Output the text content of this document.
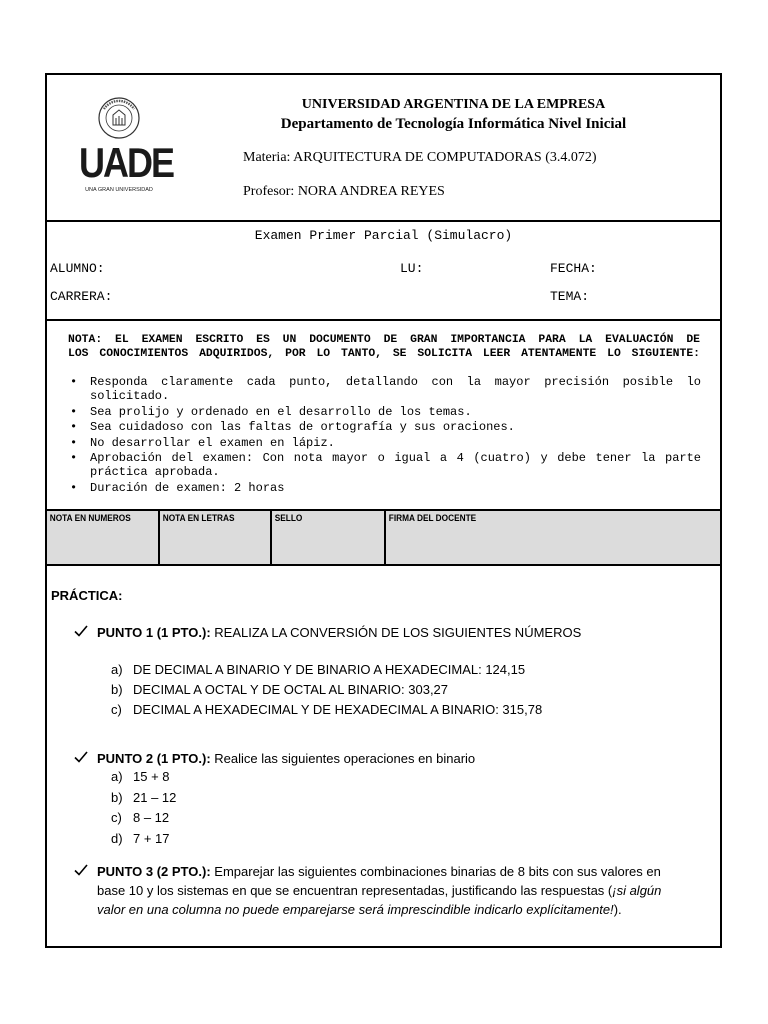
UADE
UNA GRAN UNIVERSIDAD
UNIVERSIDAD ARGENTINA DE LA EMPRESA
Departamento de Tecnología Informática Nivel Inicial
Materia: ARQUITECTURA DE COMPUTADORAS (3.4.072)
Profesor: NORA ANDREA REYES
Examen Primer Parcial (Simulacro)
ALUMNO:	LU:	FECHA:
CARRERA:	TEMA:
NOTA: EL EXAMEN ESCRITO ES UN DOCUMENTO DE GRAN IMPORTANCIA PARA LA EVALUACIÓN DE
LOS CONOCIMIENTOS ADQUIRIDOS, POR LO TANTO, SE SOLICITA LEER ATENTAMENTE LO SIGUIENTE:
• Responda claramente cada punto, detallando con la mayor precisión posible lo solicitado.
• Sea prolijo y ordenado en el desarrollo de los temas.
• Sea cuidadoso con las faltas de ortografía y sus oraciones.
• No desarrollar el examen en lápiz.
• Aprobación del examen: Con nota mayor o igual a 4 (cuatro) y debe tener la parte práctica aprobada.
• Duración de examen: 2 horas
NOTA EN NUMEROS	NOTA EN LETRAS	SELLO	FIRMA DEL DOCENTE
PRÁCTICA:
PUNTO 1 (1 PTO.): REALIZA LA CONVERSIÓN DE LOS SIGUIENTES NÚMEROS
a) DE DECIMAL A BINARIO Y DE BINARIO A HEXADECIMAL: 124,15
b) DECIMAL A OCTAL Y DE OCTAL AL BINARIO: 303,27
c) DECIMAL A HEXADECIMAL Y DE HEXADECIMAL A BINARIO: 315,78
PUNTO 2 (1 PTO.): Realice las siguientes operaciones en binario
a) 15 + 8
b) 21 – 12
c) 8 – 12
d) 7 + 17
PUNTO 3 (2 PTO.): Emparejar las siguientes combinaciones binarias de 8 bits con sus valores en
base 10 y los sistemas en que se encuentran representadas, justificando las respuestas (¡si algún
valor en una columna no puede emparejarse será imprescindible indicarlo explícitamente!).
